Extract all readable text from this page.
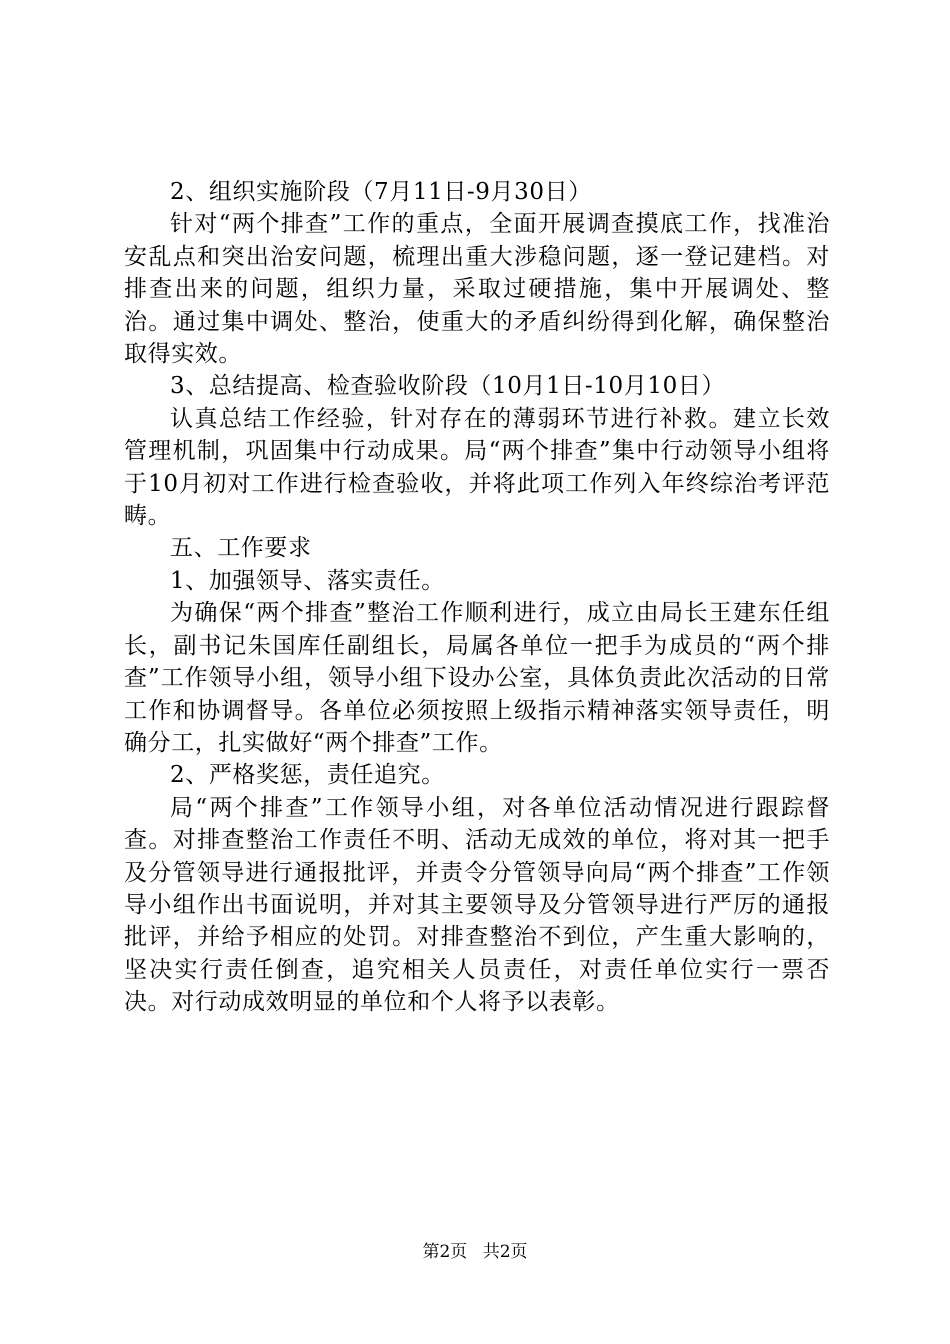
2、组织实施阶段（7月11日-9月30日）

针对“两个排查”工作的重点，全面开展调查摸底工作，找准治安乱点和突出治安问题，梳理出重大涉稳问题，逐一登记建档。对排查出来的问题，组织力量，采取过硬措施，集中开展调处、整治。通过集中调处、整治，使重大的矛盾纠纷得到化解，确保整治取得实效。

3、总结提高、检查验收阶段（10月1日-10月10日）

认真总结工作经验，针对存在的薄弱环节进行补救。建立长效管理机制，巩固集中行动成果。局“两个排查”集中行动领导小组将于10月初对工作进行检查验收，并将此项工作列入年终综治考评范畴。

五、工作要求

1、加强领导、落实责任。

为确保“两个排查”整治工作顺利进行，成立由局长王建东任组长，副书记朱国库任副组长，局属各单位一把手为成员的“两个排查”工作领导小组，领导小组下设办公室，具体负责此次活动的日常工作和协调督导。各单位必须按照上级指示精神落实领导责任，明确分工，扎实做好“两个排查”工作。

2、严格奖惩，责任追究。

局“两个排查”工作领导小组，对各单位活动情况进行跟踪督查。对排查整治工作责任不明、活动无成效的单位，将对其一把手及分管领导进行通报批评，并责令分管领导向局“两个排查”工作领导小组作出书面说明，并对其主要领导及分管领导进行严厉的通报批评，并给予相应的处罚。对排查整治不到位，产生重大影响的，坚决实行责任倒查，追究相关人员责任，对责任单位实行一票否决。对行动成效明显的单位和个人将予以表彰。

第2页 共2页
